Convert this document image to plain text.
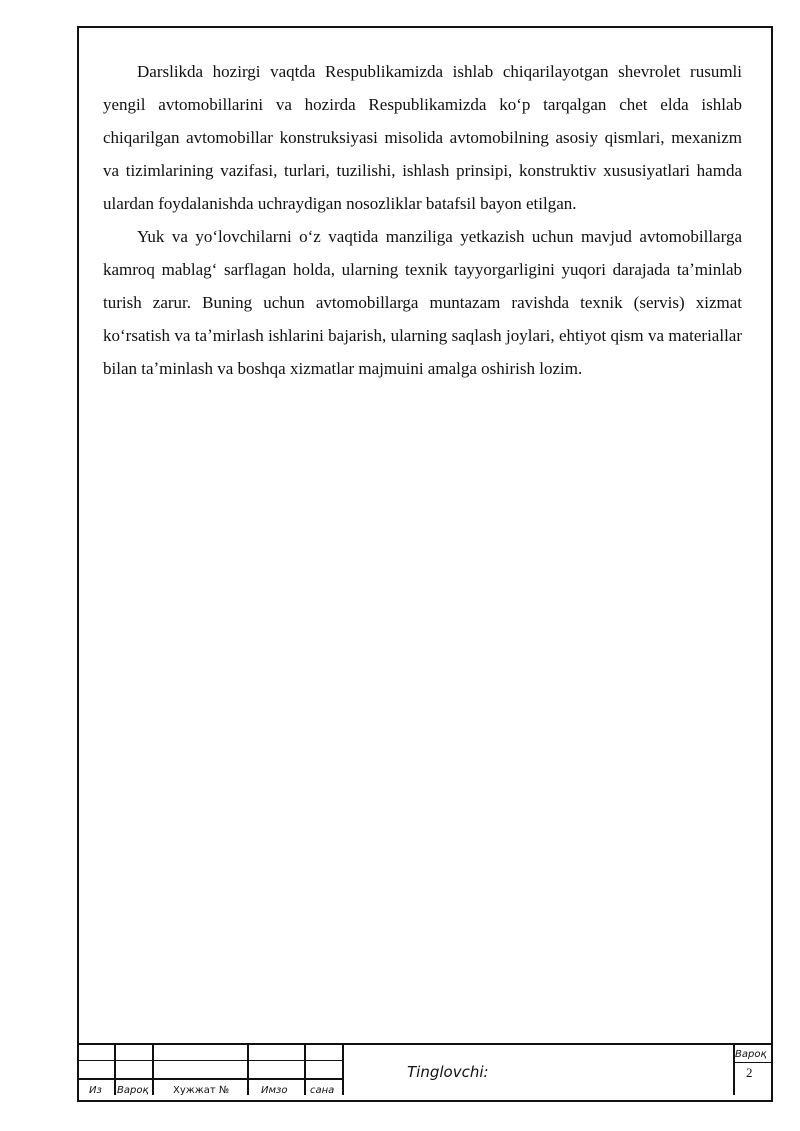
Darslikda hozirgi vaqtda Respublikamizda ishlab chiqarilayotgan shevrolet rusumli yengil avtomobillarini va hozirda Respublikamizda koʻp tarqalgan chet elda ishlab chiqarilgan avtomobillar konstruksiyasi misolida avtomobilning asosiy qismlari, mexanizm va tizimlarining vazifasi, turlari, tuzilishi, ishlash prinsipi, konstruktiv xususiyatlari hamda ulardan foydalanishda uchraydigan nosozliklar batafsil bayon etilgan.

Yuk va yoʻlovchilarni oʻz vaqtida manziliga yetkazish uchun mavjud avtomobillarga kamroq mablagʻ sarflagan holda, ularning texnik tayyorgarligini yuqori darajada taʼminlab turish zarur. Buning uchun avtomobillarga muntazam ravishda texnik (servis) xizmat koʻrsatish va taʼmirlash ishlarini bajarish, ularning saqlash joylari, ehtiyot qism va materiallar bilan taʼminlash va boshqa xizmatlar majmuini amalga oshirish lozim.

Из Вароқ Хужжат №	Имзо сана
Tinglovchi:
Вароқ
2
